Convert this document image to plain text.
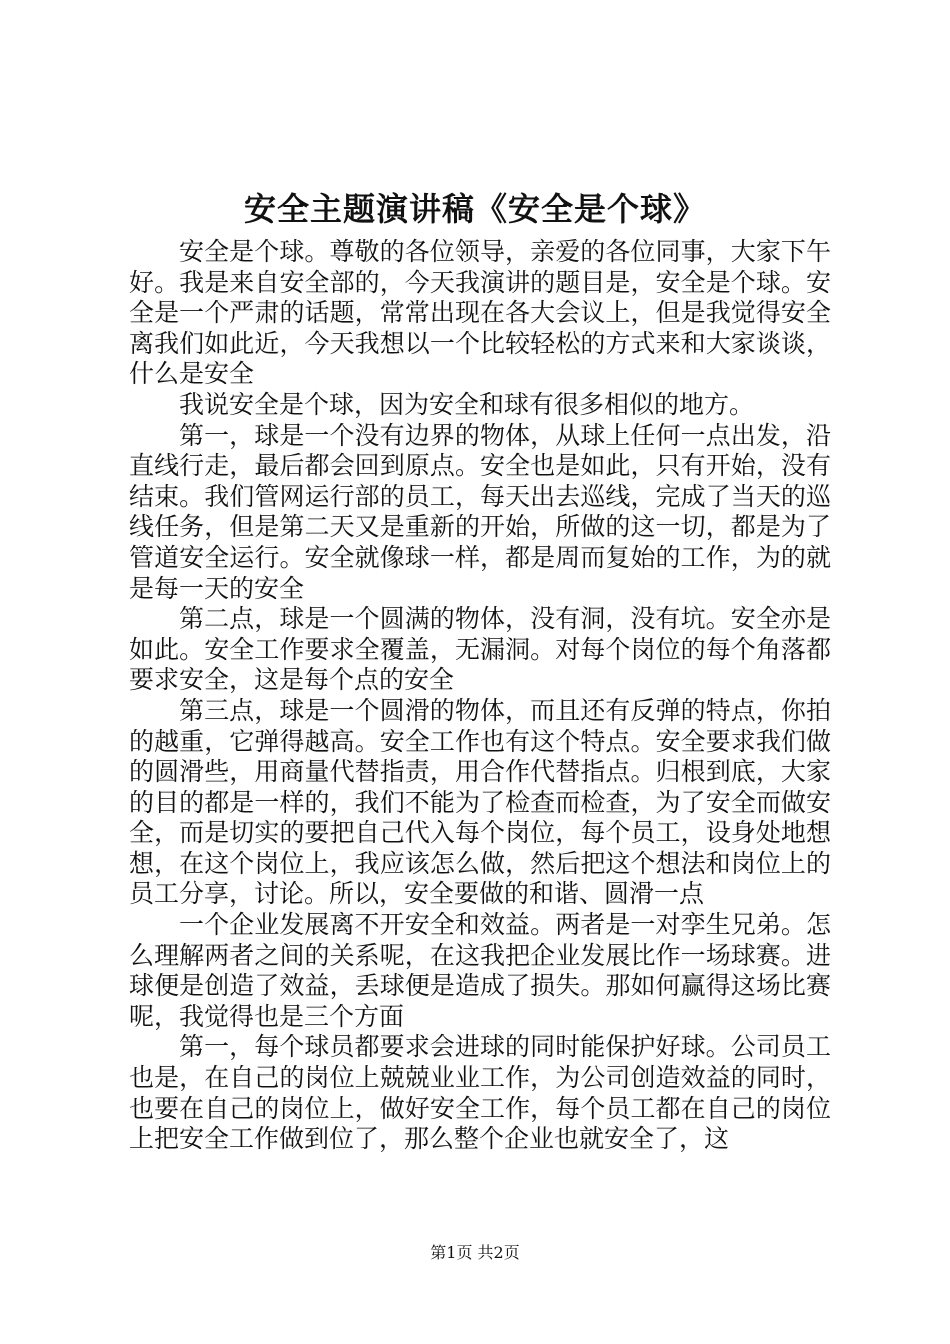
安全主题演讲稿《安全是个球》

安全是个球。尊敬的各位领导，亲爱的各位同事，大家下午好。我是来自安全部的，今天我演讲的题目是，安全是个球。安全是一个严肃的话题，常常出现在各大会议上，但是我觉得安全离我们如此近，今天我想以一个比较轻松的方式来和大家谈谈，什么是安全

我说安全是个球，因为安全和球有很多相似的地方。

第一，球是一个没有边界的物体，从球上任何一点出发，沿直线行走，最后都会回到原点。安全也是如此，只有开始，没有结束。我们管网运行部的员工，每天出去巡线，完成了当天的巡线任务，但是第二天又是重新的开始，所做的这一切，都是为了管道安全运行。安全就像球一样，都是周而复始的工作，为的就是每一天的安全

第二点，球是一个圆满的物体，没有洞，没有坑。安全亦是如此。安全工作要求全覆盖，无漏洞。对每个岗位的每个角落都要求安全，这是每个点的安全

第三点，球是一个圆滑的物体，而且还有反弹的特点，你拍的越重，它弹得越高。安全工作也有这个特点。安全要求我们做的圆滑些，用商量代替指责，用合作代替指点。归根到底，大家的目的都是一样的，我们不能为了检查而检查，为了安全而做安全，而是切实的要把自己代入每个岗位，每个员工，设身处地想想，在这个岗位上，我应该怎么做，然后把这个想法和岗位上的员工分享，讨论。所以，安全要做的和谐、圆滑一点

一个企业发展离不开安全和效益。两者是一对孪生兄弟。怎么理解两者之间的关系呢，在这我把企业发展比作一场球赛。进球便是创造了效益，丢球便是造成了损失。那如何赢得这场比赛呢，我觉得也是三个方面

第一，每个球员都要求会进球的同时能保护好球。公司员工也是，在自己的岗位上兢兢业业工作，为公司创造效益的同时，也要在自己的岗位上，做好安全工作，每个员工都在自己的岗位上把安全工作做到位了，那么整个企业也就安全了，这

第1页 共2页
